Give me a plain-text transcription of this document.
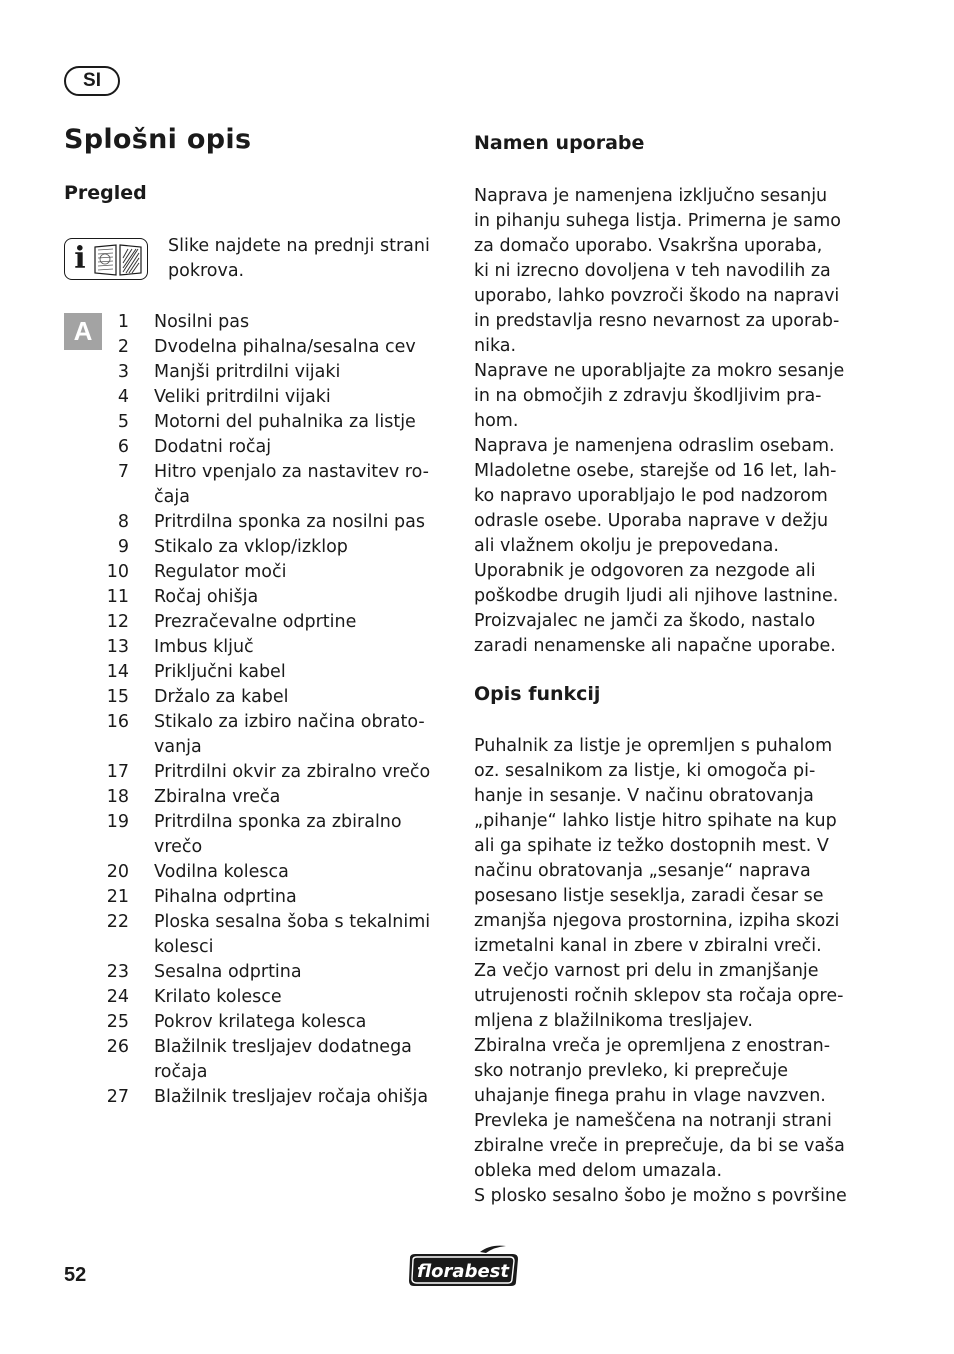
SI
Splošni opis
Pregled
i	Slike najdete na prednji strani pokrova.

A	1 Nosilni pas
2 Dvodelna pihalna/sesalna cev
3 Manjši pritrdilni vijaki
4 Veliki pritrdilni vijaki
5 Motorni del puhalnika za listje
6 Dodatni ročaj
7 Hitro vpenjalo za nastavitev ro-
čaja
8 Pritrdilna sponka za nosilni pas
9 Stikalo za vklop/izklop
10 Regulator moči
11 Ročaj ohišja
12 Prezračevalne odprtine
13 Imbus ključ
14 Priključni kabel
15 Držalo za kabel
16 Stikalo za izbiro načina obrato-
vanja
17 Pritrdilni okvir za zbiralno vrečo
18 Zbiralna vreča
19 Pritrdilna sponka za zbiralno
vrečo
20 Vodilna kolesca
21 Pihalna odprtina
22 Ploska sesalna šoba s tekalnimi
kolesci
23 Sesalna odprtina
24 Krilato kolesce
25 Pokrov krilatega kolesca
26 Blažilnik tresljajev dodatnega
ročaja
27 Blažilnik tresljajev ročaja ohišja
Namen uporabe

Naprava je namenjena izključno sesanju
in pihanju suhega listja. Primerna je samo
za domačo uporabo. Vsakršna uporaba,
ki ni izrecno dovoljena v teh navodilih za
uporabo, lahko povzroči škodo na napravi
in predstavlja resno nevarnost za uporab-
nika.

Naprave ne uporabljajte za mokro sesanje
in na območjih z zdravju škodljivim pra-
hom.

Naprava je namenjena odraslim osebam.
Mladoletne osebe, starejše od 16 let, lah-
ko napravo uporabljajo le pod nadzorom
odrasle osebe. Uporaba naprave v dežju
ali vlažnem okolju je prepovedana.
Uporabnik je odgovoren za nezgode ali
poškodbe drugih ljudi ali njihove lastnine.
Proizvajalec ne jamči za škodo, nastalo
zaradi nenamenske ali napačne uporabe.

Opis funkcij

Puhalnik za listje je opremljen s puhalom
oz. sesalnikom za listje, ki omogoča pi-
hanje in sesanje. V načinu obratovanja
„pihanje“ lahko listje hitro spihate na kup
ali ga spihate iz težko dostopnih mest. V
načinu obratovanja „sesanje“ naprava
posesano listje seseklja, zaradi česar se
zmanjša njegova prostornina, izpiha skozi
izmetalni kanal in zbere v zbiralni vreči.

Za večjo varnost pri delu in zmanjšanje
utrujenosti ročnih sklepov sta ročaja opre-
mljena z blažilnikoma tresljajev.

Zbiralna vreča je opremljena z enostran-
sko notranjo prevleko, ki preprečuje
uhajanje finega prahu in vlage navzven.
Prevleka je nameščena na notranji strani
zbiralne vreče in preprečuje, da bi se vaša
obleka med delom umazala.

S plosko sesalno šobo je možno s površine

52	florabest
